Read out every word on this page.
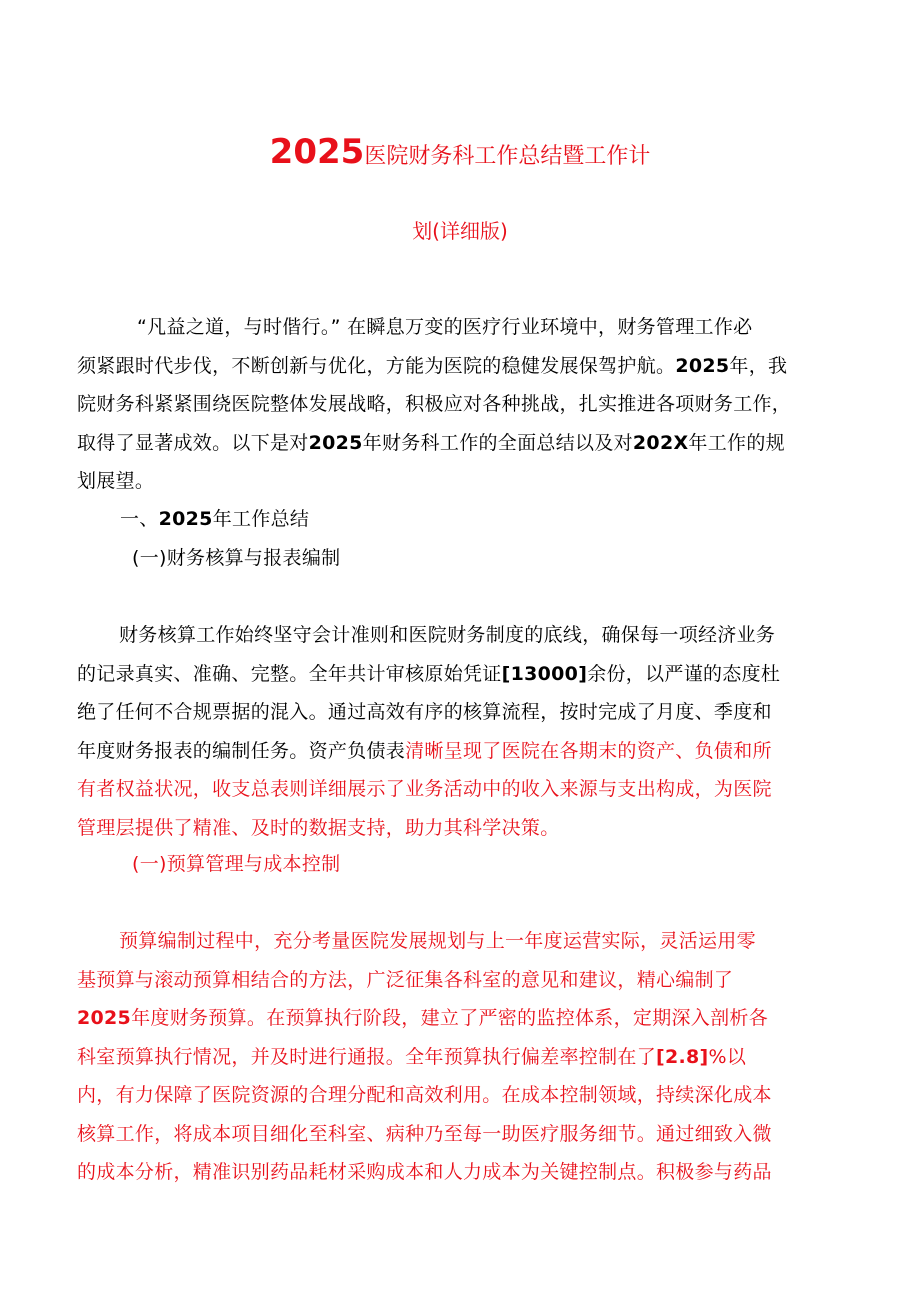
2025医院财务科工作总结暨工作计
划(详细版)
“凡益之道，与时偕行。” 在瞬息万变的医疗行业环境中，财务管理工作必
须紧跟时代步伐，不断创新与优化，方能为医院的稳健发展保驾护航。2025年，我
院财务科紧紧围绕医院整体发展战略，积极应对各种挑战，扎实推进各项财务工作，
取得了显著成效。以下是对2025年财务科工作的全面总结以及对202X年工作的规
划展望。
一、2025年工作总结
(一)财务核算与报表编制
财务核算工作始终坚守会计准则和医院财务制度的底线，确保每一项经济业务
的记录真实、准确、完整。全年共计审核原始凭证[13000]余份，以严谨的态度杜
绝了任何不合规票据的混入。通过高效有序的核算流程，按时完成了月度、季度和
年度财务报表的编制任务。资产负债表清晰呈现了医院在各期末的资产、负债和所
有者权益状况，收支总表则详细展示了业务活动中的收入来源与支出构成，为医院
管理层提供了精准、及时的数据支持，助力其科学决策。
(一)预算管理与成本控制
预算编制过程中，充分考量医院发展规划与上一年度运营实际，灵活运用零
基预算与滚动预算相结合的方法，广泛征集各科室的意见和建议，精心编制了
2025年度财务预算。在预算执行阶段，建立了严密的监控体系，定期深入剖析各
科室预算执行情况，并及时进行通报。全年预算执行偏差率控制在了[2.8]%以
内，有力保障了医院资源的合理分配和高效利用。在成本控制领域，持续深化成本
核算工作，将成本项目细化至科室、病种乃至每一助医疗服务细节。通过细致入微
的成本分析，精准识别药品耗材采购成本和人力成本为关键控制点。积极参与药品
